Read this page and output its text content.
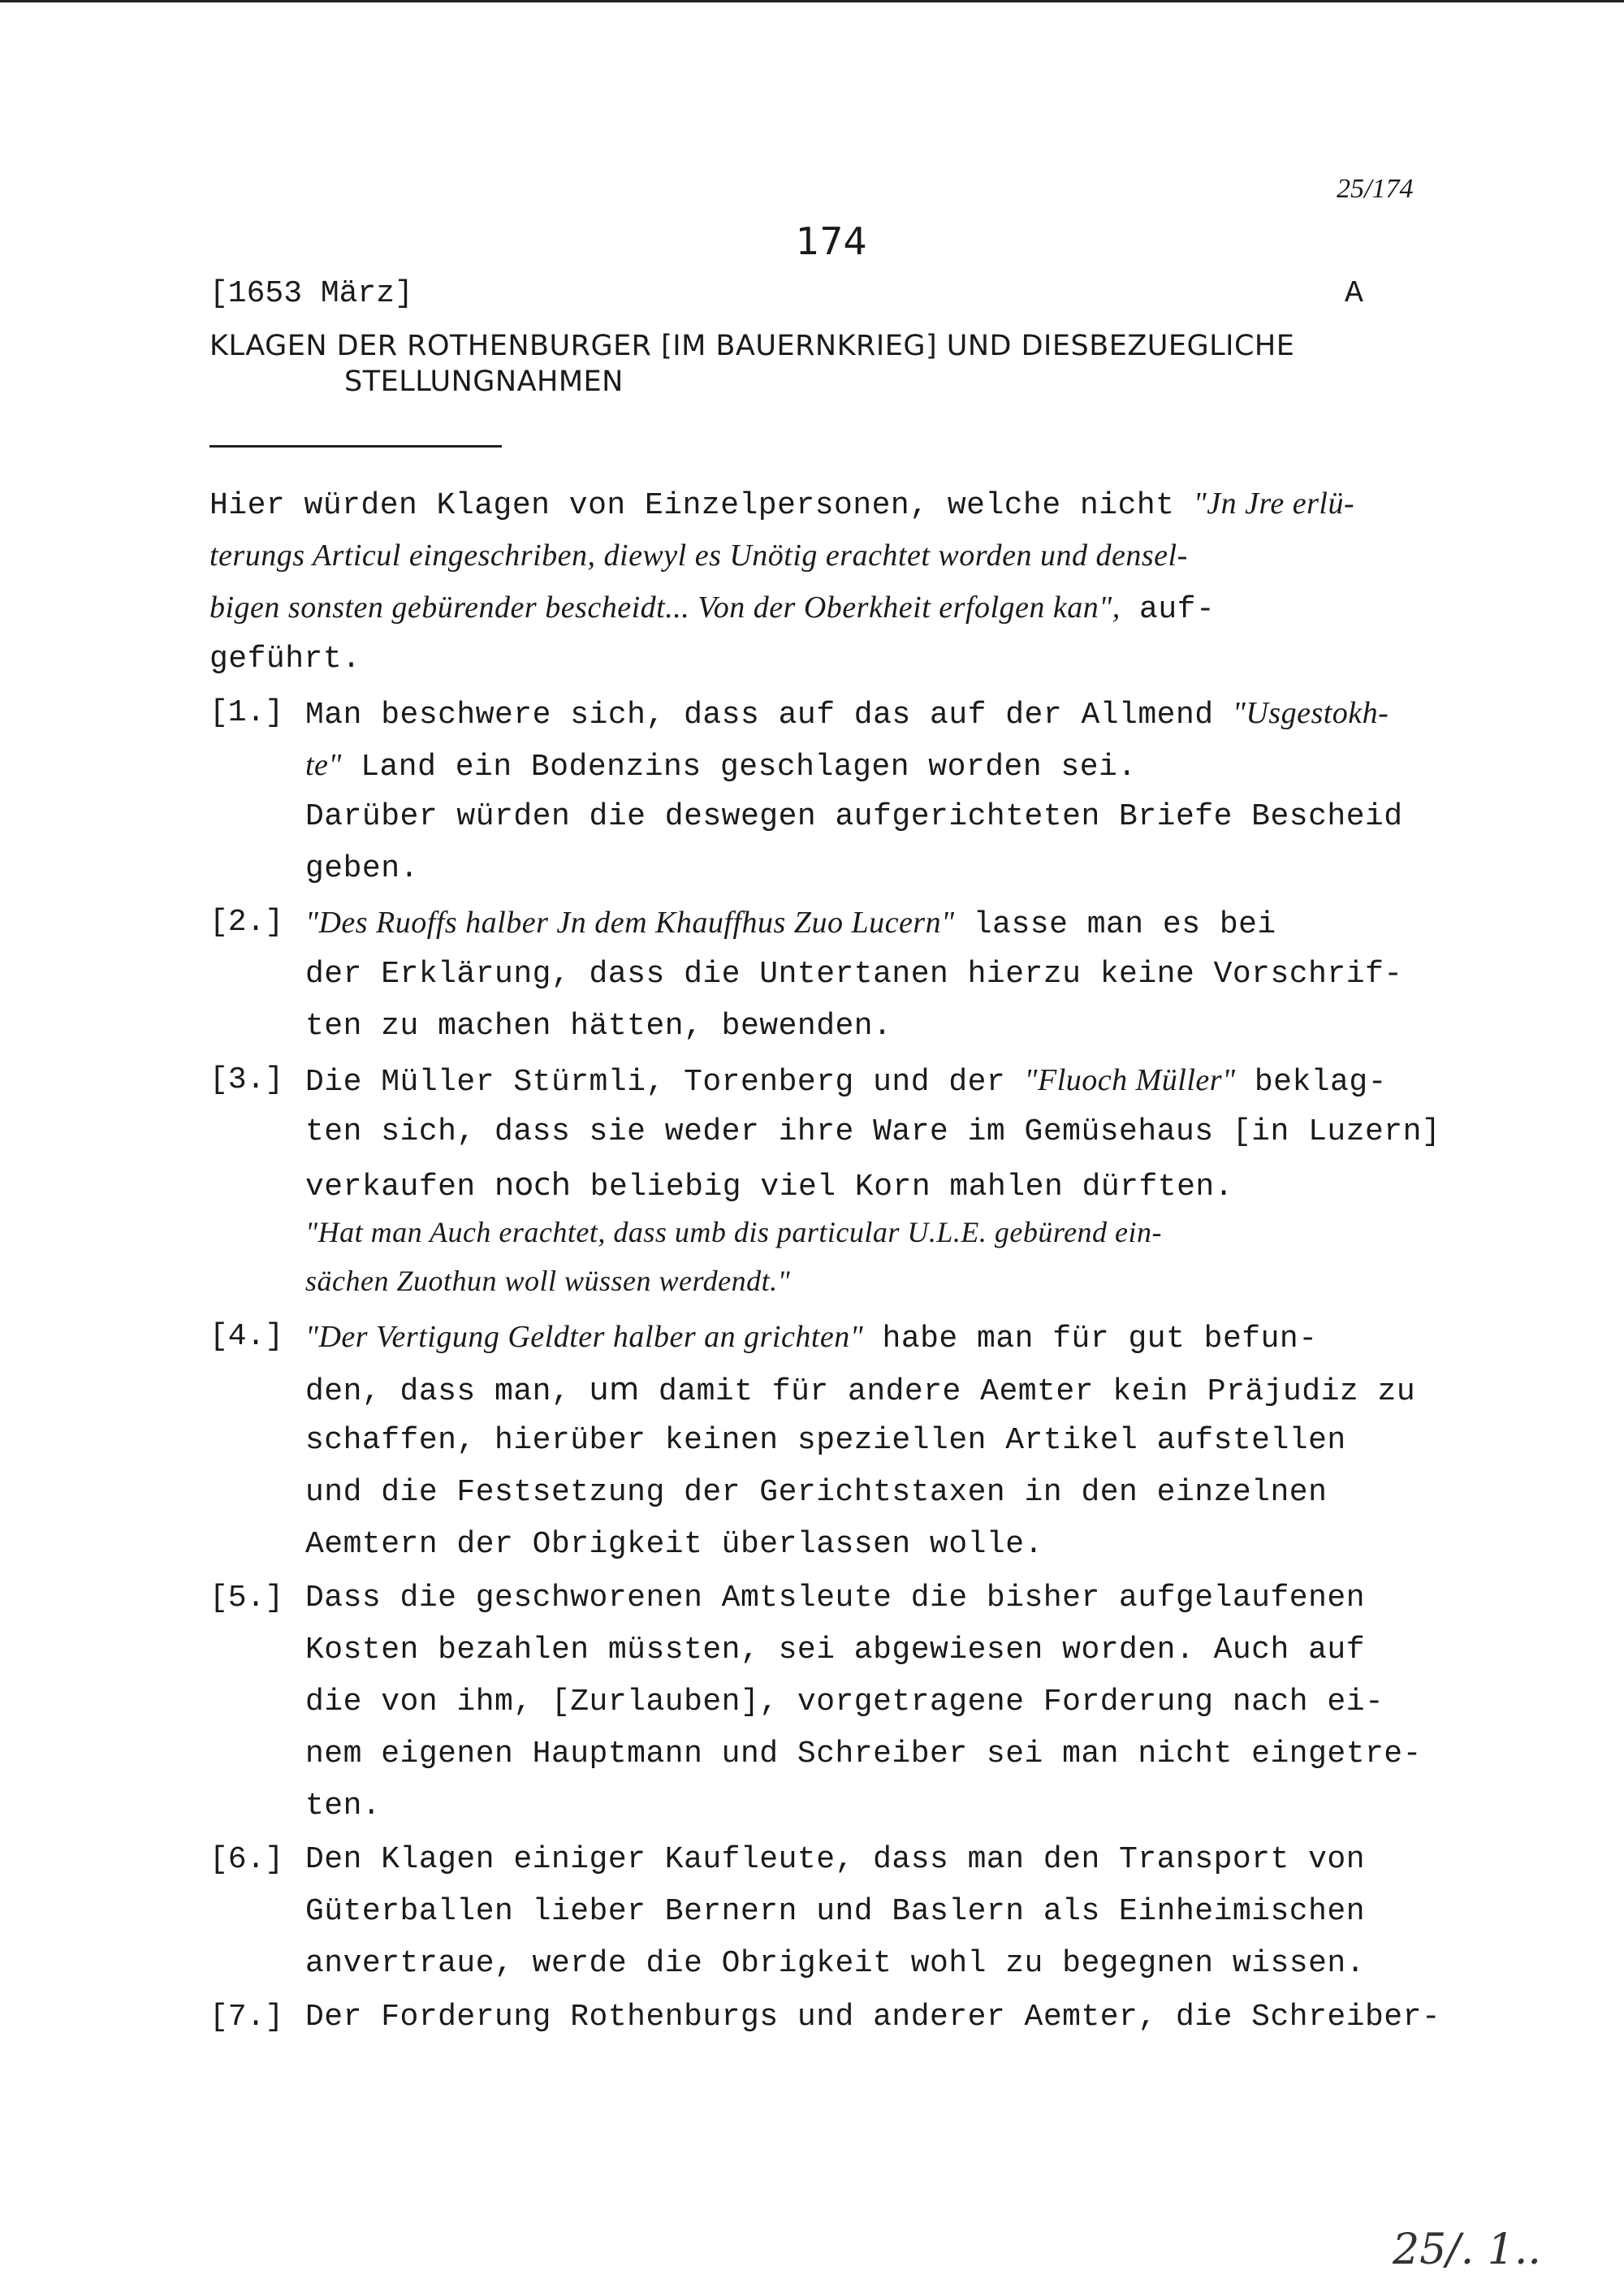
25/174
174
[1653 März]	A
KLAGEN DER ROTHENBURGER [IM BAUERNKRIEG] UND DIESBEZUEGLICHE
STELLUNGNAHMEN
Hier würden Klagen von Einzelpersonen, welche nicht "Jn Jre erlü-
terungs Articul eingeschriben, diewyl es Unötig erachtet worden und densel-
bigen sonsten gebürender bescheidt... Von der Oberkheit erfolgen kan", auf-
geführt.
[1.] Man beschwere sich, dass auf das auf der Allmend "Usgestokh-
te" Land ein Bodenzins geschlagen worden sei.
Darüber würden die deswegen aufgerichteten Briefe Bescheid
geben.
[2.] "Des Ruoffs halber Jn dem Khauffhus Zuo Lucern" lasse man es bei
der Erklärung, dass die Untertanen hierzu keine Vorschrif-
ten zu machen hätten, bewenden.
[3.] Die Müller Stürmli, Torenberg und der "Fluoch Müller" beklag-
ten sich, dass sie weder ihre Ware im Gemüsehaus [in Luzern]
verkaufen noch beliebig viel Korn mahlen dürften.
"Hat man Auch erachtet, dass umb dis particular U.L.E. gebürend ein-
sächen Zuothun woll wüssen werdendt."
[4.] "Der Vertigung Geldter halber an grichten" habe man für gut befun-
den, dass man, um damit für andere Aemter kein Präjudiz zu
schaffen, hierüber keinen speziellen Artikel aufstellen
und die Festsetzung der Gerichtstaxen in den einzelnen
Aemtern der Obrigkeit überlassen wolle.
[5.] Dass die geschworenen Amtsleute die bisher aufgelaufenen
Kosten bezahlen müssten, sei abgewiesen worden. Auch auf
die von ihm, [Zurlauben], vorgetragene Forderung nach ei-
nem eigenen Hauptmann und Schreiber sei man nicht eingetre-
ten.
[6.] Den Klagen einiger Kaufleute, dass man den Transport von
Güterballen lieber Bernern und Baslern als Einheimischen
anvertraue, werde die Obrigkeit wohl zu begegnen wissen.
[7.] Der Forderung Rothenburgs und anderer Aemter, die Schreiber-
25/. 1..
